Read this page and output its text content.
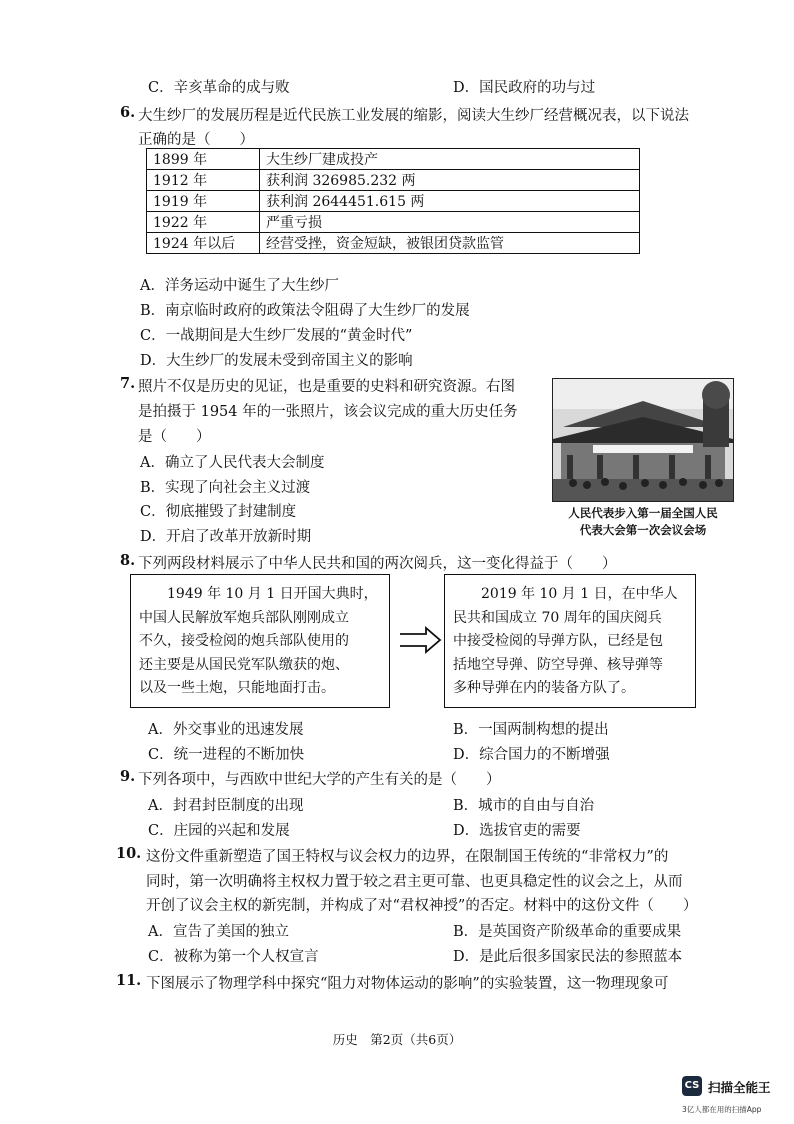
C．辛亥革命的成与败	D．国民政府的功与过
6. 大生纱厂的发展历程是近代民族工业发展的缩影，阅读大生纱厂经营概况表，以下说法
正确的是（　　）
1899 年	大生纱厂建成投产
1912 年	获利润 326985.232 两
1919 年	获利润 2644451.615 两
1922 年	严重亏损
1924 年以后	经营受挫，资金短缺，被银团贷款监管
A．洋务运动中诞生了大生纱厂
B．南京临时政府的政策法令阻碍了大生纱厂的发展
C．一战期间是大生纱厂发展的“黄金时代”
D．大生纱厂的发展未受到帝国主义的影响
7. 照片不仅是历史的见证，也是重要的史料和研究资源。右图
是拍摄于 1954 年的一张照片，该会议完成的重大历史任务
是（　　）
A．确立了人民代表大会制度
B．实现了向社会主义过渡
C．彻底摧毁了封建制度
D．开启了改革开放新时期
人民代表步入第一届全国人民
代表大会第一次会议会场
8. 下列两段材料展示了中华人民共和国的两次阅兵，这一变化得益于（　　）
　　1949 年 10 月 1 日开国大典时，
中国人民解放军炮兵部队刚刚成立
不久，接受检阅的炮兵部队使用的
还主要是从国民党军队缴获的炮、
以及一些土炮，只能地面打击。
　　2019 年 10 月 1 日，在中华人
民共和国成立 70 周年的国庆阅兵
中接受检阅的导弹方队，已经是包
括地空导弹、防空导弹、核导弹等
多种导弹在内的装备方队了。
A．外交事业的迅速发展	B．一国两制构想的提出
C．统一进程的不断加快	D．综合国力的不断增强
9. 下列各项中，与西欧中世纪大学的产生有关的是（　　）
A．封君封臣制度的出现	B．城市的自由与自治
C．庄园的兴起和发展	D．选拔官吏的需要
10. 这份文件重新塑造了国王特权与议会权力的边界，在限制国王传统的“非常权力”的
同时，第一次明确将主权权力置于较之君主更可靠、也更具稳定性的议会之上，从而
开创了议会主权的新宪制，并构成了对“君权神授”的否定。材料中的这份文件（　　）
A．宣告了美国的独立	B．是英国资产阶级革命的重要成果
C．被称为第一个人权宣言	D．是此后很多国家民法的参照蓝本
11. 下图展示了物理学科中探究“阻力对物体运动的影响”的实验装置，这一物理现象可
历史　第2页（共6页）
CS 扫描全能王
3亿人都在用的扫描App
